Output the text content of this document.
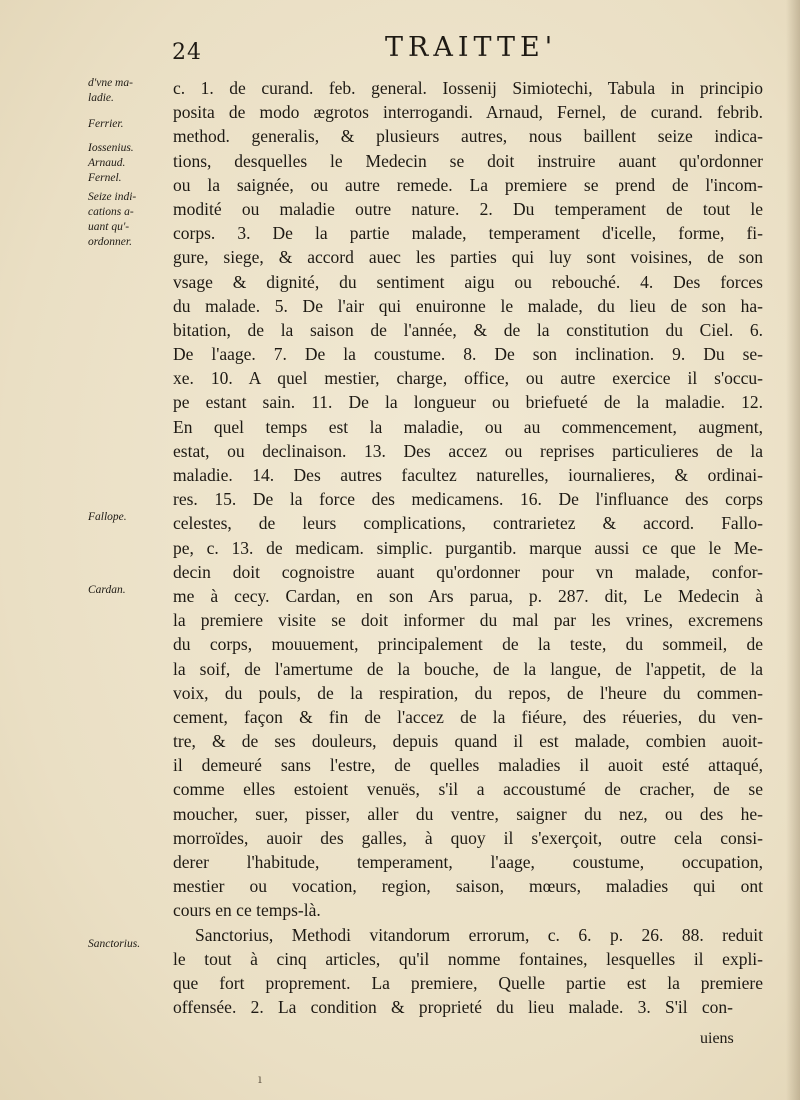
24	TRAITTE'
d'vne ma-
ladie.
Ferrier.
Iossenius.
Arnaud.
Fernel.
Seize indi-
cations a-
uant qu'-
ordonner.
Fallope.
Cardan.
Sanctorius.
c. 1. de curand. feb. general. Iossenij Simiotechi, Tabula in principio
posita de modo ægrotos interrogandi. Arnaud, Fernel, de curand. febrib.
method. generalis, & plusieurs autres, nous baillent seize indica-
tions, desquelles le Medecin se doit instruire auant qu'ordonner
ou la saignée, ou autre remede. La premiere se prend de l'incom-
modité ou maladie outre nature. 2. Du temperament de tout le
corps. 3. De la partie malade, temperament d'icelle, forme, fi-
gure, siege, & accord auec les parties qui luy sont voisines, de son
vsage & dignité, du sentiment aigu ou rebouché. 4. Des forces
du malade. 5. De l'air qui enuironne le malade, du lieu de son ha-
bitation, de la saison de l'année, & de la constitution du Ciel. 6.
De l'aage. 7. De la coustume. 8. De son inclination. 9. Du se-
xe. 10. A quel mestier, charge, office, ou autre exercice il s'occu-
pe estant sain. 11. De la longueur ou briefueté de la maladie. 12.
En quel temps est la maladie, ou au commencement, augment,
estat, ou declinaison. 13. Des accez ou reprises particulieres de la
maladie. 14. Des autres facultez naturelles, iournalieres, & ordinai-
res. 15. De la force des medicamens. 16. De l'influance des corps
celestes, de leurs complications, contrarietez & accord. Fallo-
pe, c. 13. de medicam. simplic. purgantib. marque aussi ce que le Me-
decin doit cognoistre auant qu'ordonner pour vn malade, confor-
me à cecy. Cardan, en son Ars parua, p. 287. dit, Le Medecin à
la premiere visite se doit informer du mal par les vrines, excremens
du corps, mouuement, principalement de la teste, du sommeil, de
la soif, de l'amertume de la bouche, de la langue, de l'appetit, de la
voix, du pouls, de la respiration, du repos, de l'heure du commen-
cement, façon & fin de l'accez de la fiéure, des réueries, du ven-
tre, & de ses douleurs, depuis quand il est malade, combien auoit-
il demeuré sans l'estre, de quelles maladies il auoit esté attaqué,
comme elles estoient venuës, s'il a accoustumé de cracher, de se
moucher, suer, pisser, aller du ventre, saigner du nez, ou des he-
morroïdes, auoir des galles, à quoy il s'exerçoit, outre cela consi-
derer l'habitude, temperament, l'aage, coustume, occupation,
mestier ou vocation, region, saison, mœurs, maladies qui ont
cours en ce temps-là.
Sanctorius, Methodi vitandorum errorum, c. 6. p. 26. 88. reduit
le tout à cinq articles, qu'il nomme fontaines, lesquelles il expli-
que fort proprement. La premiere, Quelle partie est la premiere
offensée. 2. La condition & proprieté du lieu malade. 3. S'il con-
uiens
ı
